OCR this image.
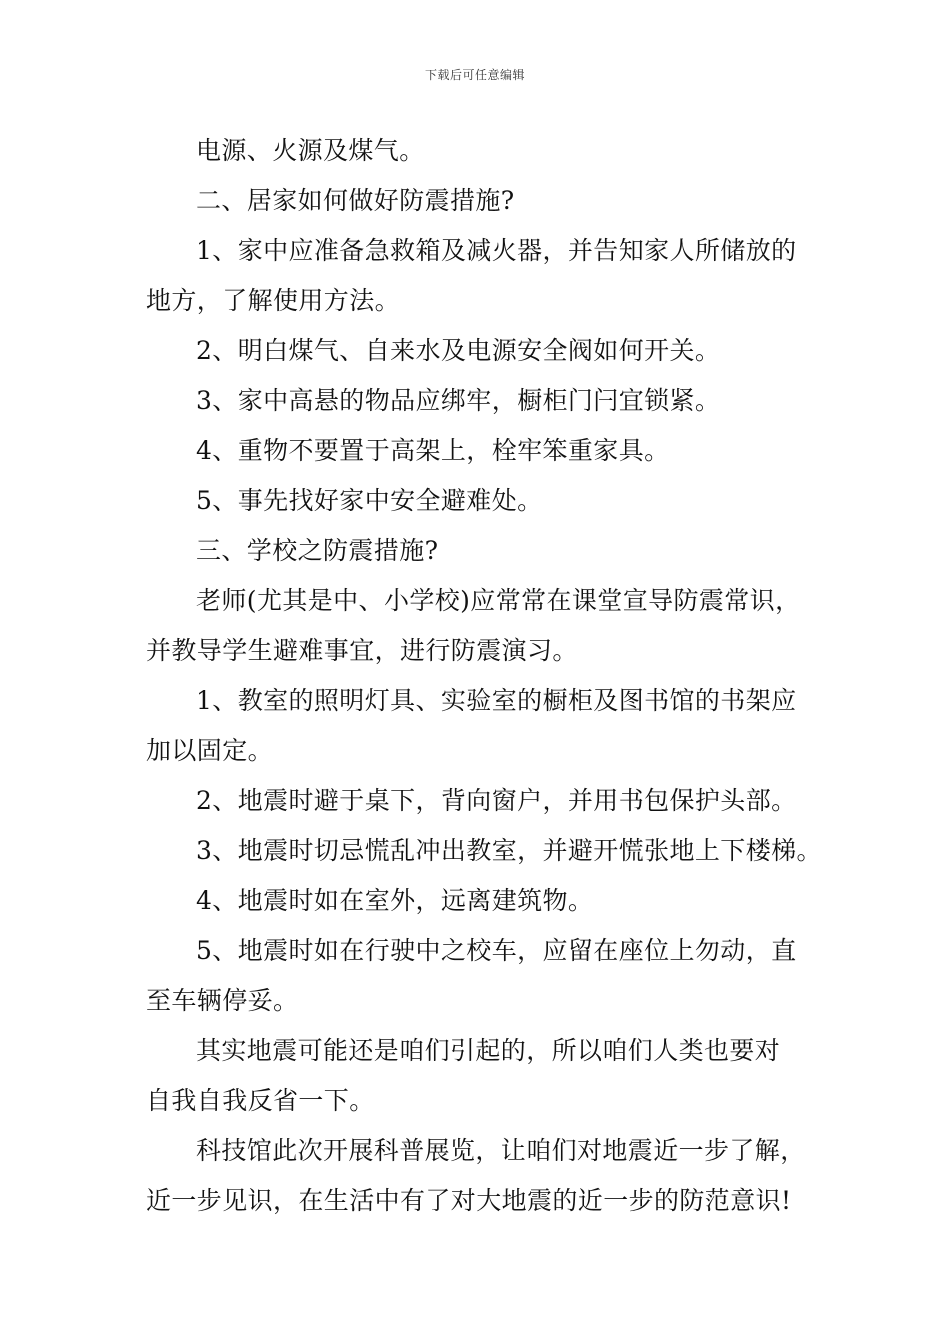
下载后可任意编辑
电源、火源及煤气。
二、居家如何做好防震措施?
1、家中应准备急救箱及减火器，并告知家人所储放的
地方，了解使用方法。
2、明白煤气、自来水及电源安全阀如何开关。
3、家中高悬的物品应绑牢，橱柜门闩宜锁紧。
4、重物不要置于高架上，栓牢笨重家具。
5、事先找好家中安全避难处。
三、学校之防震措施?
老师(尤其是中、小学校)应常常在课堂宣导防震常识，
并教导学生避难事宜，进行防震演习。
1、教室的照明灯具、实验室的橱柜及图书馆的书架应
加以固定。
2、地震时避于桌下，背向窗户，并用书包保护头部。
3、地震时切忌慌乱冲出教室，并避开慌张地上下楼梯。
4、地震时如在室外，远离建筑物。
5、地震时如在行驶中之校车，应留在座位上勿动，直
至车辆停妥。
其实地震可能还是咱们引起的，所以咱们人类也要对
自我自我反省一下。
科技馆此次开展科普展览，让咱们对地震近一步了解，
近一步见识，在生活中有了对大地震的近一步的防范意识!
